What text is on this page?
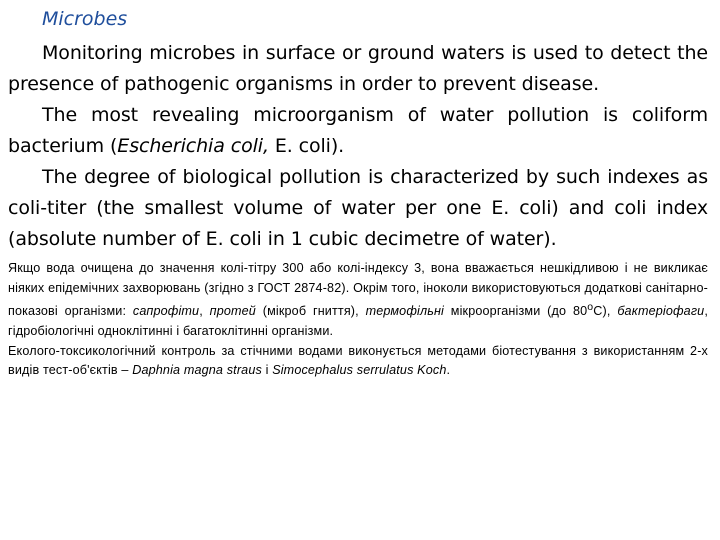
Microbes

Monitoring microbes in surface or ground waters is used to detect the presence of pathogenic organisms in order to prevent disease.

The most revealing microorganism of water pollution is coliform bacterium (Escherichia coli, E. coli).

The degree of biological pollution is characterized by such indexes as coli-titer (the smallest volume of water per one E. coli) and coli index (absolute number of E. coli in 1 cubic decimetre of water).

Якщо вода очищена до значення колі-тітру 300 або колі-індексу 3, вона вважається нешкідливою і не викликає ніяких епідемічних захворювань (згідно з ГОСТ 2874-82). Окрім того, іноколи використовуються додаткові санітарно-показові організми: сапрофіти, протей (мікроб гниття), термофільні мікроорганізми (до $80^оС$), бактеріофаги, гідробіологічні одноклітинні і багатоклітинні організми.

Еколого-токсикологічний контроль за стічними водами виконується методами біотестування з використанням 2-х видів тест-об'єктів – Daphnia magna straus і Simocephalus serrulatus Koch.
